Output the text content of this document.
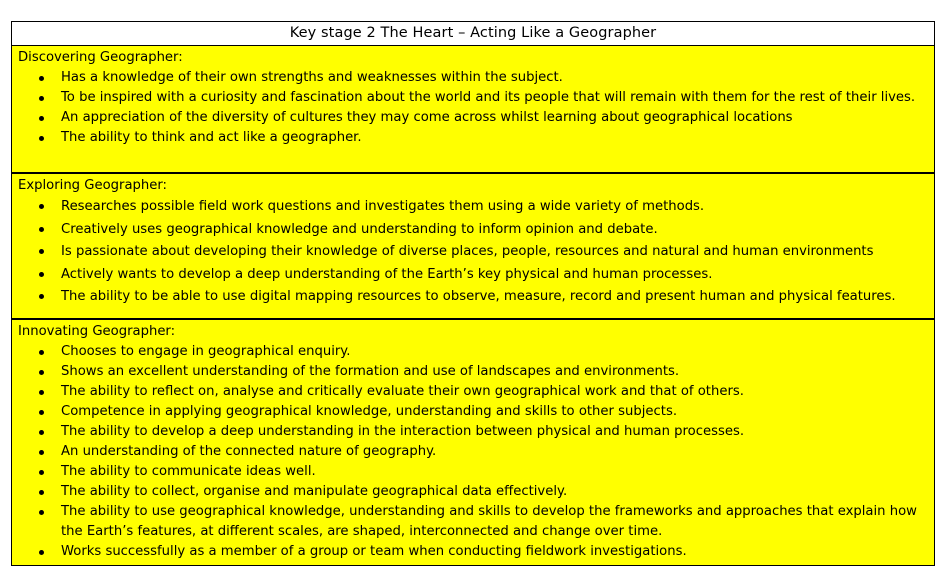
Key stage 2 The Heart – Acting Like a Geographer

Discovering Geographer:

Has a knowledge of their own strengths and weaknesses within the subject.
To be inspired with a curiosity and fascination about the world and its people that will remain with them for the rest of their lives.
An appreciation of the diversity of cultures they may come across whilst learning about geographical locations
The ability to think and act like a geographer.

Exploring Geographer:

Researches possible field work questions and investigates them using a wide variety of methods.
Creatively uses geographical knowledge and understanding to inform opinion and debate.
Is passionate about developing their knowledge of diverse places, people, resources and natural and human environments
Actively wants to develop a deep understanding of the Earth’s key physical and human processes.
The ability to be able to use digital mapping resources to observe, measure, record and present human and physical features.

Innovating Geographer:

Chooses to engage in geographical enquiry.
Shows an excellent understanding of the formation and use of landscapes and environments.
The ability to reflect on, analyse and critically evaluate their own geographical work and that of others.
Competence in applying geographical knowledge, understanding and skills to other subjects.
The ability to develop a deep understanding in the interaction between physical and human processes.
An understanding of the connected nature of geography.
The ability to communicate ideas well.
The ability to collect, organise and manipulate geographical data effectively.
The ability to use geographical knowledge, understanding and skills to develop the frameworks and approaches that explain how the Earth’s features, at different scales, are shaped, interconnected and change over time.
Works successfully as a member of a group or team when conducting fieldwork investigations.
